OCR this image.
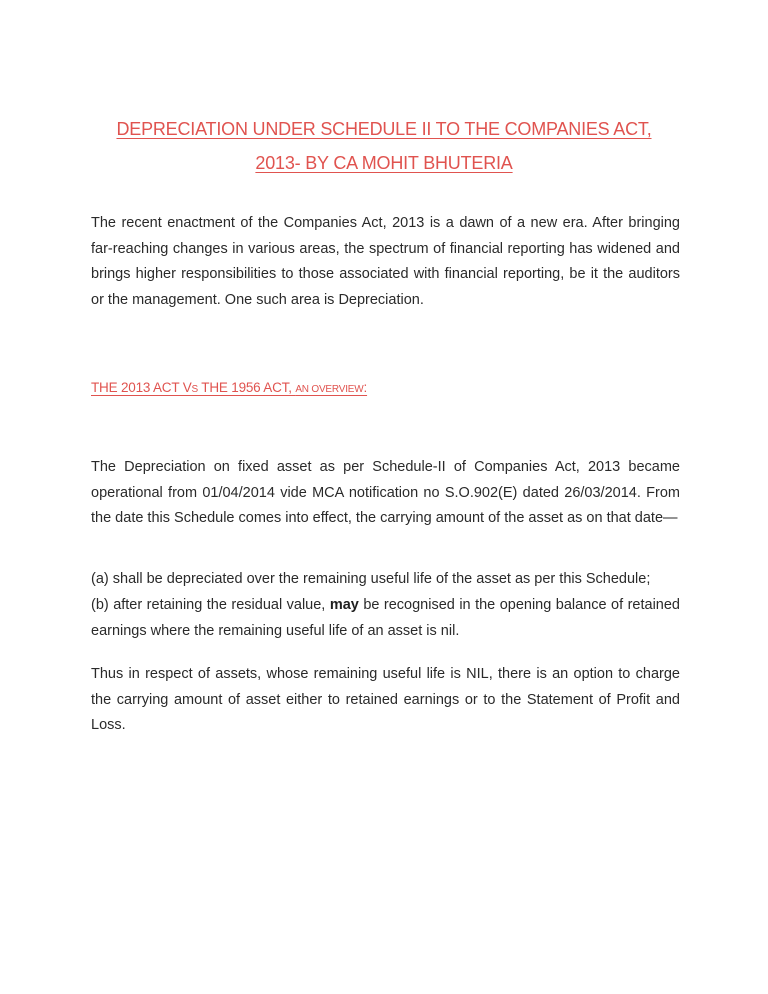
DEPRECIATION UNDER SCHEDULE II TO THE COMPANIES ACT,
2013- BY CA MOHIT BHUTERIA

The recent enactment of the Companies Act, 2013 is a dawn of a new era. After bringing far-reaching changes in various areas, the spectrum of financial reporting has widened and brings higher responsibilities to those associated with financial reporting, be it the auditors or the management. One such area is Depreciation.

THE 2013 ACT VS THE 1956 ACT, AN OVERVIEW:

The Depreciation on fixed asset as per Schedule-II of Companies Act, 2013 became operational from 01/04/2014 vide MCA notification no S.O.902(E) dated 26/03/2014. From the date this Schedule comes into effect, the carrying amount of the asset as on that date—

(a) shall be depreciated over the remaining useful life of the asset as per this Schedule;

(b) after retaining the residual value, may be recognised in the opening balance of retained earnings where the remaining useful life of an asset is nil.

Thus in respect of assets, whose remaining useful life is NIL, there is an option to charge the carrying amount of asset either to retained earnings or to the Statement of Profit and Loss.
